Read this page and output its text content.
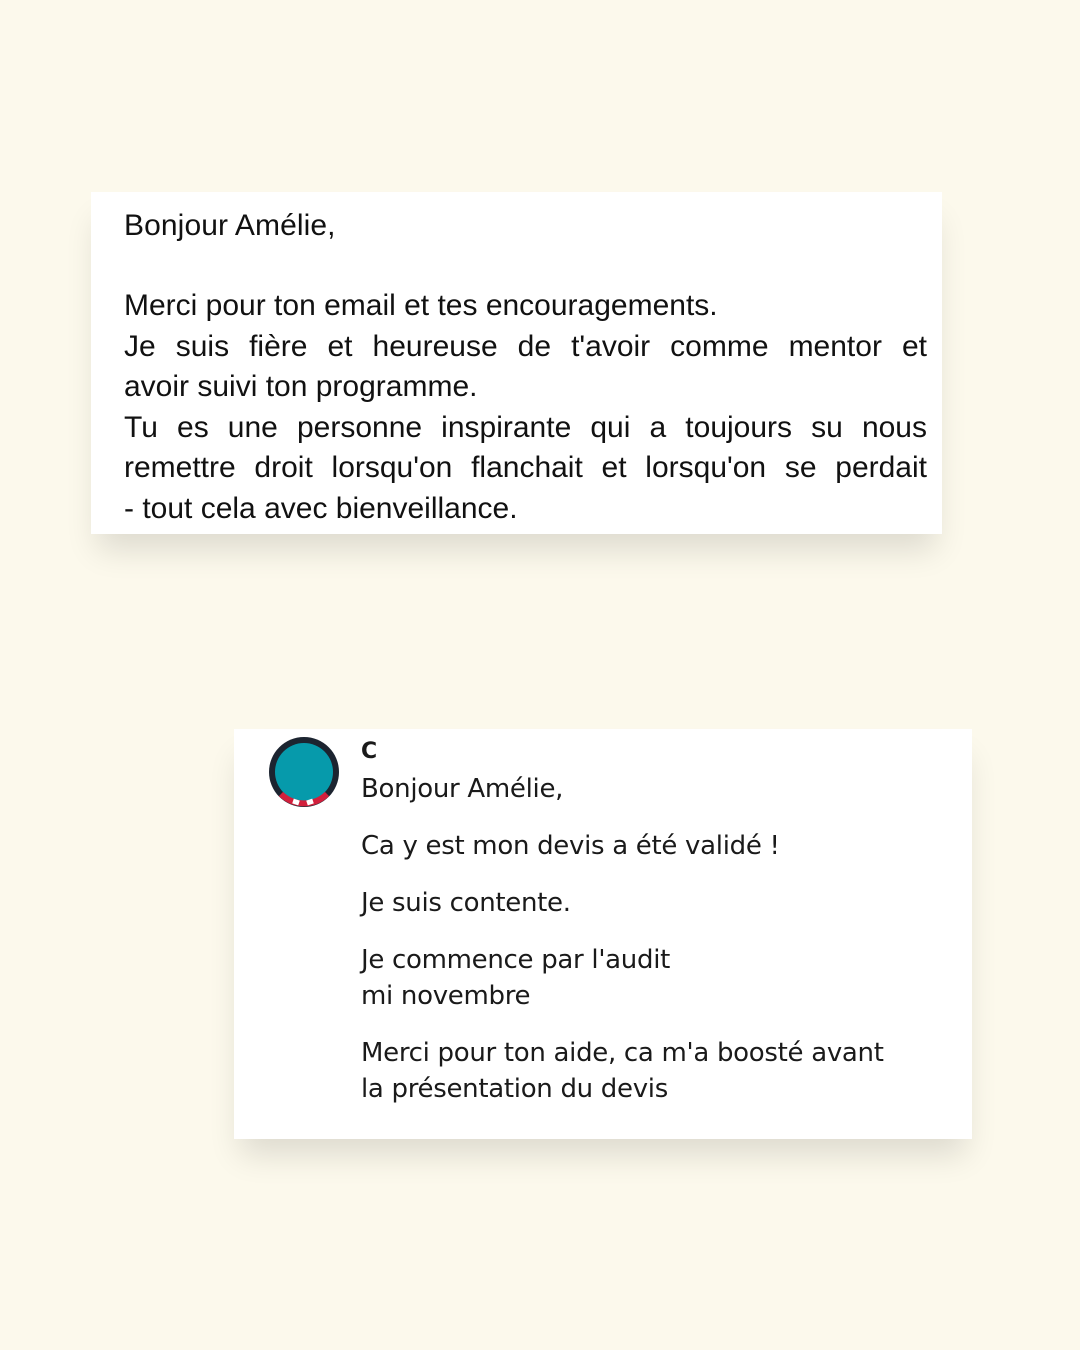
Bonjour Amélie,

Merci pour ton email et tes encouragements.

Je suis fière et heureuse de t'avoir comme mentor et

avoir suivi ton programme.

Tu es une personne inspirante qui a toujours su nous

remettre droit lorsqu'on flanchait et lorsqu'on se perdait

- tout cela avec bienveillance.

C

Bonjour Amélie,

Ca y est mon devis a été validé !

Je suis contente.

Je commence par l'audit
mi novembre

Merci pour ton aide, ca m'a boosté avant
la présentation du devis
